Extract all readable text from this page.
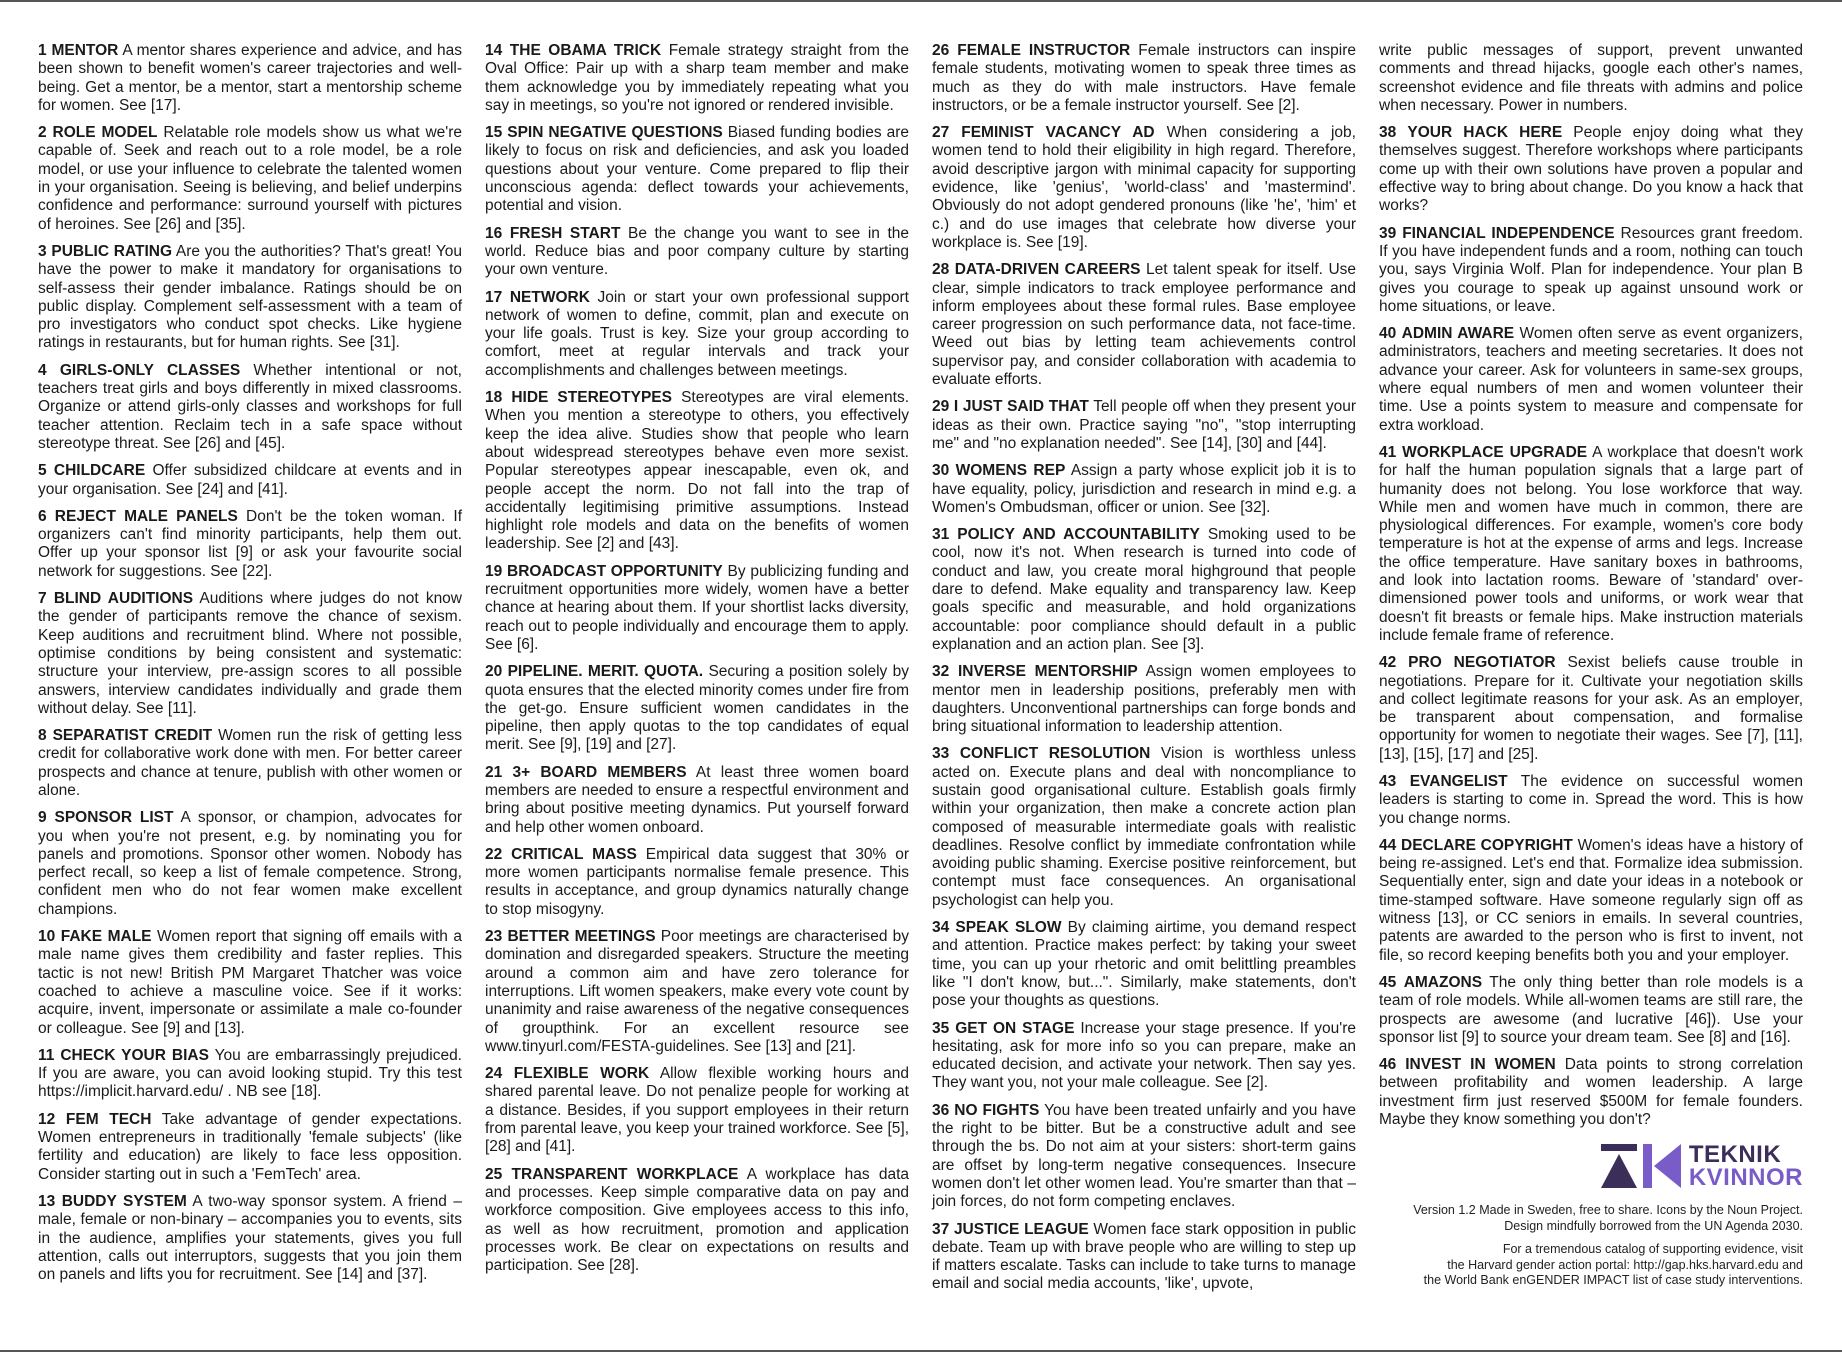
1 MENTOR A mentor shares experience and advice, and has been shown to benefit women's career trajectories and well-being. Get a mentor, be a mentor, start a mentorship scheme for women. See [17].

2 ROLE MODEL Relatable role models show us what we're capable of. Seek and reach out to a role model, be a role model, or use your influence to celebrate the talented women in your organisation. Seeing is believing, and belief underpins confidence and performance: surround yourself with pictures of heroines. See [26] and [35].

3 PUBLIC RATING Are you the authorities? That's great! You have the power to make it mandatory for organisations to self-assess their gender imbalance. Ratings should be on public display. Complement self-assessment with a team of pro investigators who conduct spot checks. Like hygiene ratings in restaurants, but for human rights. See [31].

4 GIRLS-ONLY CLASSES Whether intentional or not, teachers treat girls and boys differently in mixed classrooms. Organize or attend girls-only classes and workshops for full teacher attention. Reclaim tech in a safe space without stereotype threat. See [26] and [45].

5 CHILDCARE Offer subsidized childcare at events and in your organisation. See [24] and [41].

6 REJECT MALE PANELS Don't be the token woman. If organizers can't find minority participants, help them out. Offer up your sponsor list [9] or ask your favourite social network for suggestions. See [22].

7 BLIND AUDITIONS Auditions where judges do not know the gender of participants remove the chance of sexism. Keep auditions and recruitment blind. Where not possible, optimise conditions by being consistent and systematic: structure your interview, pre-assign scores to all possible answers, interview candidates individually and grade them without delay. See [11].

8 SEPARATIST CREDIT Women run the risk of getting less credit for collaborative work done with men. For better career prospects and chance at tenure, publish with other women or alone.

9 SPONSOR LIST A sponsor, or champion, advocates for you when you're not present, e.g. by nominating you for panels and promotions. Sponsor other women. Nobody has perfect recall, so keep a list of female competence. Strong, confident men who do not fear women make excellent champions.

10 FAKE MALE Women report that signing off emails with a male name gives them credibility and faster replies. This tactic is not new! British PM Margaret Thatcher was voice coached to achieve a masculine voice. See if it works: acquire, invent, impersonate or assimilate a male co-founder or colleague. See [9] and [13].

11 CHECK YOUR BIAS You are embarrassingly prejudiced. If you are aware, you can avoid looking stupid. Try this test https://implicit.harvard.edu/ . NB see [18].

12 FEM TECH Take advantage of gender expectations. Women entrepreneurs in traditionally 'female subjects' (like fertility and education) are likely to face less opposition. Consider starting out in such a 'FemTech' area.

13 BUDDY SYSTEM A two-way sponsor system. A friend – male, female or non-binary – accompanies you to events, sits in the audience, amplifies your statements, gives you full attention, calls out interruptors, suggests that you join them on panels and lifts you for recruitment. See [14] and [37].

14 THE OBAMA TRICK Female strategy straight from the Oval Office: Pair up with a sharp team member and make them acknowledge you by immediately repeating what you say in meetings, so you're not ignored or rendered invisible.

15 SPIN NEGATIVE QUESTIONS Biased funding bodies are likely to focus on risk and deficiencies, and ask you loaded questions about your venture. Come prepared to flip their unconscious agenda: deflect towards your achievements, potential and vision.

16 FRESH START Be the change you want to see in the world. Reduce bias and poor company culture by starting your own venture.

17 NETWORK Join or start your own professional support network of women to define, commit, plan and execute on your life goals. Trust is key. Size your group according to comfort, meet at regular intervals and track your accomplishments and challenges between meetings.

18 HIDE STEREOTYPES Stereotypes are viral elements. When you mention a stereotype to others, you effectively keep the idea alive. Studies show that people who learn about widespread stereotypes behave even more sexist. Popular stereotypes appear inescapable, even ok, and people accept the norm. Do not fall into the trap of accidentally legitimising primitive assumptions. Instead highlight role models and data on the benefits of women leadership. See [2] and [43].

19 BROADCAST OPPORTUNITY By publicizing funding and recruitment opportunities more widely, women have a better chance at hearing about them. If your shortlist lacks diversity, reach out to people individually and encourage them to apply. See [6].

20 PIPELINE. MERIT. QUOTA. Securing a position solely by quota ensures that the elected minority comes under fire from the get-go. Ensure sufficient women candidates in the pipeline, then apply quotas to the top candidates of equal merit. See [9], [19] and [27].

21 3+ BOARD MEMBERS At least three women board members are needed to ensure a respectful environment and bring about positive meeting dynamics. Put yourself forward and help other women onboard.

22 CRITICAL MASS Empirical data suggest that 30% or more women participants normalise female presence. This results in acceptance, and group dynamics naturally change to stop misogyny.

23 BETTER MEETINGS Poor meetings are characterised by domination and disregarded speakers. Structure the meeting around a common aim and have zero tolerance for interruptions. Lift women speakers, make every vote count by unanimity and raise awareness of the negative consequences of groupthink. For an excellent resource see www.tinyurl.com/FESTA-guidelines. See [13] and [21].

24 FLEXIBLE WORK Allow flexible working hours and shared parental leave. Do not penalize people for working at a distance. Besides, if you support employees in their return from parental leave, you keep your trained workforce. See [5], [28] and [41].

25 TRANSPARENT WORKPLACE A workplace has data and processes. Keep simple comparative data on pay and workforce composition. Give employees access to this info, as well as how recruitment, promotion and application processes work. Be clear on expectations on results and participation. See [28].

26 FEMALE INSTRUCTOR Female instructors can inspire female students, motivating women to speak three times as much as they do with male instructors. Have female instructors, or be a female instructor yourself. See [2].

27 FEMINIST VACANCY AD When considering a job, women tend to hold their eligibility in high regard. Therefore, avoid descriptive jargon with minimal capacity for supporting evidence, like 'genius', 'world-class' and 'mastermind'. Obviously do not adopt gendered pronouns (like 'he', 'him' et c.) and do use images that celebrate how diverse your workplace is. See [19].

28 DATA-DRIVEN CAREERS Let talent speak for itself. Use clear, simple indicators to track employee performance and inform employees about these formal rules. Base employee career progression on such performance data, not face-time. Weed out bias by letting team achievements control supervisor pay, and consider collaboration with academia to evaluate efforts.

29 I JUST SAID THAT Tell people off when they present your ideas as their own. Practice saying "no", "stop interrupting me" and "no explanation needed". See [14], [30] and [44].

30 WOMENS REP Assign a party whose explicit job it is to have equality, policy, jurisdiction and research in mind e.g. a Women's Ombudsman, officer or union. See [32].

31 POLICY AND ACCOUNTABILITY Smoking used to be cool, now it's not. When research is turned into code of conduct and law, you create moral highground that people dare to defend. Make equality and transparency law. Keep goals specific and measurable, and hold organizations accountable: poor compliance should default in a public explanation and an action plan. See [3].

32 INVERSE MENTORSHIP Assign women employees to mentor men in leadership positions, preferably men with daughters. Unconventional partnerships can forge bonds and bring situational information to leadership attention.

33 CONFLICT RESOLUTION Vision is worthless unless acted on. Execute plans and deal with noncompliance to sustain good organisational culture. Establish goals firmly within your organization, then make a concrete action plan composed of measurable intermediate goals with realistic deadlines. Resolve conflict by immediate confrontation while avoiding public shaming. Exercise positive reinforcement, but contempt must face consequences. An organisational psychologist can help you.

34 SPEAK SLOW By claiming airtime, you demand respect and attention. Practice makes perfect: by taking your sweet time, you can up your rhetoric and omit belittling preambles like "I don't know, but...". Similarly, make statements, don't pose your thoughts as questions.

35 GET ON STAGE Increase your stage presence. If you're hesitating, ask for more info so you can prepare, make an educated decision, and activate your network. Then say yes. They want you, not your male colleague. See [2].

36 NO FIGHTS You have been treated unfairly and you have the right to be bitter. But be a constructive adult and see through the bs. Do not aim at your sisters: short-term gains are offset by long-term negative consequences. Insecure women don't let other women lead. You're smarter than that – join forces, do not form competing enclaves.

37 JUSTICE LEAGUE Women face stark opposition in public debate. Team up with brave people who are willing to step up if matters escalate. Tasks can include to take turns to manage email and social media accounts, 'like', upvote,

write public messages of support, prevent unwanted comments and thread hijacks, google each other's names, screenshot evidence and file threats with admins and police when necessary. Power in numbers.

38 YOUR HACK HERE People enjoy doing what they themselves suggest. Therefore workshops where participants come up with their own solutions have proven a popular and effective way to bring about change. Do you know a hack that works?

39 FINANCIAL INDEPENDENCE Resources grant freedom. If you have independent funds and a room, nothing can touch you, says Virginia Wolf. Plan for independence. Your plan B gives you courage to speak up against unsound work or home situations, or leave.

40 ADMIN AWARE Women often serve as event organizers, administrators, teachers and meeting secretaries. It does not advance your career. Ask for volunteers in same-sex groups, where equal numbers of men and women volunteer their time. Use a points system to measure and compensate for extra workload.

41 WORKPLACE UPGRADE A workplace that doesn't work for half the human population signals that a large part of humanity does not belong. You lose workforce that way. While men and women have much in common, there are physiological differences. For example, women's core body temperature is hot at the expense of arms and legs. Increase the office temperature. Have sanitary boxes in bathrooms, and look into lactation rooms. Beware of 'standard' over-dimensioned power tools and uniforms, or work wear that doesn't fit breasts or female hips. Make instruction materials include female frame of reference.

42 PRO NEGOTIATOR Sexist beliefs cause trouble in negotiations. Prepare for it. Cultivate your negotiation skills and collect legitimate reasons for your ask. As an employer, be transparent about compensation, and formalise opportunity for women to negotiate their wages. See [7], [11], [13], [15], [17] and [25].

43 EVANGELIST The evidence on successful women leaders is starting to come in. Spread the word. This is how you change norms.

44 DECLARE COPYRIGHT Women's ideas have a history of being re-assigned. Let's end that. Formalize idea submission. Sequentially enter, sign and date your ideas in a notebook or time-stamped software. Have someone regularly sign off as witness [13], or CC seniors in emails. In several countries, patents are awarded to the person who is first to invent, not file, so record keeping benefits both you and your employer.

45 AMAZONS The only thing better than role models is a team of role models. While all-women teams are still rare, the prospects are awesome (and lucrative [46]). Use your sponsor list [9] to source your dream team. See [8] and [16].

46 INVEST IN WOMEN Data points to strong correlation between profitability and women leadership. A large investment firm just reserved $500M for female founders. Maybe they know something you don't?

TEKNIK
KVINNOR

Version 1.2 Made in Sweden, free to share. Icons by the Noun Project.
Design mindfully borrowed from the UN Agenda 2030.

For a tremendous catalog of supporting evidence, visit
the Harvard gender action portal: http://gap.hks.harvard.edu and
the World Bank enGENDER IMPACT list of case study interventions.
